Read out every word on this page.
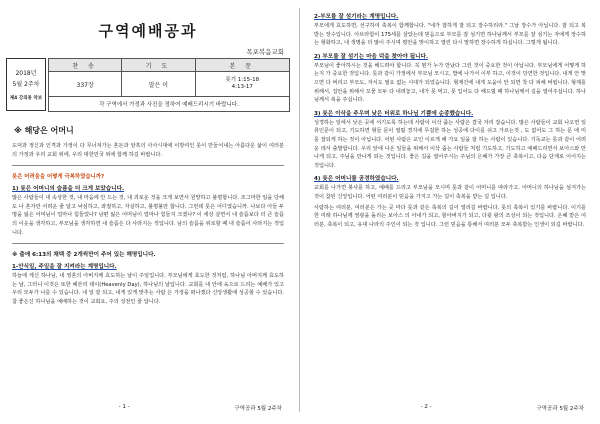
구역예배공과
목포복음교회
2018년
5월 2주차
제4 강의용 악보
찬 송	기 도	본 문
337장	말은 이	롯기 1:15-18
4:13-17

각 구역에서 가정과 사진을 정하여 예배드리시기 바랍니다.		
※ 해당은 어머니
도덕과 정신과 인격과 가정이 다 무너져가는 혼돈과 암흑의 사사시대에 이방여인 룻이 만들어내는 아름다운 삶이 여러분의 가정과 우리 교회 위에, 우리 대한민국 위에 함께 하길 바랍니다.
룻은 어려움을 어떻게 극복하였습니까?
1) 룻은 어머니의 슬픔을 더 크게 보았습니다.
많은 사람들이 내 속상한 것, 내 마음에 안 드는 것, 내 괴로운 것을 크게 보면서 원망하고 불평합니다. 조그마한 일을 당해도 나 혼자만 어려운 줄 알고 낙심하고, 좌절하고, 자살하고, 불평불만 합니다. 그런데 룻은 어디였습니까. 나보다 아들 두 명을 잃은 어머님이 얼마나 힘들었나? 남편 잃은 어머님이 얼마나 힘들지 크겠나? 이 세상 살면서 내 슬픔보다 더 큰 슬픔의 이웃을 생각하고, 부모님을 생각하면 내 슬픔은 다 사라지는 것입니다. 남의 슬픔을 위로할 때 내 슬픔이 사라지는 것입니다.
※ 출애 6:13의 채택 중 2개씩만이 주어 있는 해명입니다.
1-안식일, 주일을 잘 지켜라는 계명입니다.
하늘에 계신 하나님, 내 영혼의 아버지께 효도하는 날이 주일입니다. 부모님에게 효도한 것처럼, 하나님 아버지께 효도하는 날, 그러니 이것은 또한 헤븐리 데이(Heavenly Day), 하나님의 날입니다. 교회를 내 안에 육으로 드리는 예배가 있고 우리 모두가 나를 수 있습니다. 내 일 잘 되고, 내게 있게 맞추는 사람 은 가정을 떠나겠다 신앙생활에 성공할 수 있습니다. 참 좋은신 하나님을 예배하는 것이 교회요, 주의 성전인 줄 압니다.
- 1 -	구역공과 5월 2주차
2-부모를 잘 섬기라는 계명입니다.
부모에게 효도하면, 선구하여 축복이 함께합니다. "네가 잘하게 잘 되고 장수하리라." 그날 장수가 아닙니다. 잘 되고 복 받는 장수입니다. 아브라함이 175세를 살았는데 믿음으로 부모를 잘 섬기면 하나님께서 부모를 잘 섬기는 자에게 장수하는 형화하고, 내 생명을 더 많이 주시며 평안을 맞이하고 열린 다시 말하면 장수하게 하십니다. 그렇게 됩니다.
2) 부모를 잘 섬기는 마음 덕을 찾아야 됩니다.
부모님이 좋아하시는 것을 해드려야 합니다. 꼭 뭔가 누가 만났다 그런 것이 중요한 것이 아닙니다. 부모님에게 어떻게 하는지 가 중요한 것입니다. 룻과 같이 가정에서 부모님 모시고, 밥에 나가서 이부 하고, 이것이 당연한 것입니다. 내게 안 맞으면 다 버리고 부모도, 자식도 필요 없는 시대가 되었습니다. 형제간에 내게 도움이 안 되면 착 다 피해 버립니다. 형제를 위해서, 집안을 위해서 꼬물 모두 다 내려놓고, 내가 못 먹고, 못 입어도 다 해드릴 때 하나님께서 길을 열어주십니다. 하나님께서 복을 주십니다.
3) 룻은 이삭을 주우며 낮은 터위로 하나님 기쁨에 순종했습니다.
성경하는 일에서 낮은 곳에 서기도록 하는데 사람이 이삭 줍는 사람은 결국 자리 잡습니다. 많은 사람들이 교회 나오면 일류인문이 되고, 기도하면 형들 문이 열릴 경지에 무겁한 하는 성공에 다이를 쉬고 가르는것 , 도 없어도 그 하는 문 에 미 를 잘되게 하는 것이 아닙니다. 어떤 사람은 교인 이르게 해 가요 일을 잘 하는 사람이 있습니다. 기독교는 룻과 같이 어려운 데서 출발합니다. 우리 앞에 나온 일들을 위해서 이삭 줍는 사람들 처럼 기도하고, 기도하고 예배드리면서 보아스와 만나게 되고, 주님을 만나게 되는 것입니다. 좋은 길을 열어주시는 주님의 은혜가 가장 큰 축복이고, 다음 단계로 이어지는 것입니다.
4) 룻은 어머니를 공경하였습니다.
교회를 나가면 봉사를 하고, 예배를 드리고 부모님을 모시며 룻과 같이 어머니를 따라가고, 어머니의 하나님을 섬겨가는 것이 참된 신앙입니다. 어떤 여러분이 믿음을 가지고 가는 길이 축복을 받는 길 입니다.
사람하는 여러분, 여러분은 가는 곳 마다 룻과 같은 축복의 길이 열리길 바랍니다. 룻의 축복이 있기를 바랍니다. 이기를 한 미래 하나님께 영광을 돌리는 보아스 의 아내가 되고, 할아버지가 되고, 다윗 왕의 조상이 되는 것입니다. 은혜 받은 여러분, 축복이 되고, 유대 나라의 주인이 되는 것 입니다. 그런 믿음을 통해서 여러분 모두 축복받는 인생이 되길 바랍니다.
- 2 -	구역공과 5월 2주차
